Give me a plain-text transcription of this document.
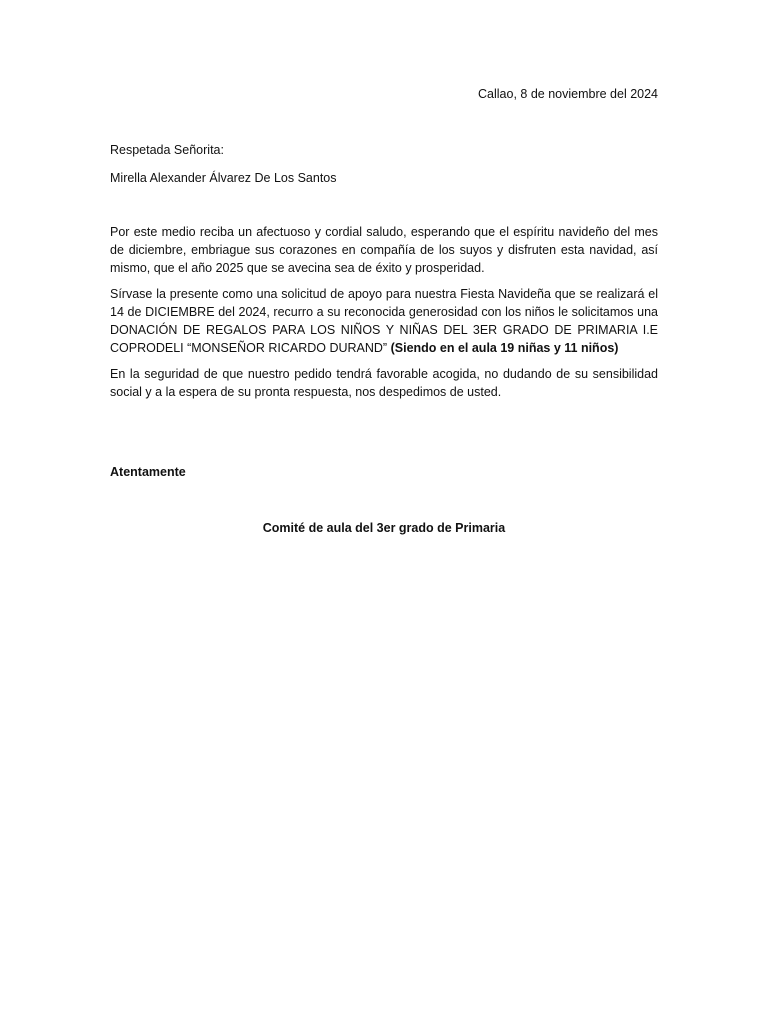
Callao, 8 de noviembre del 2024

Respetada Señorita:

Mirella Alexander Álvarez De Los Santos

Por este medio reciba un afectuoso y cordial saludo, esperando que el espíritu navideño del mes de diciembre, embriague sus corazones en compañía de los suyos y disfruten esta navidad, así mismo, que el año 2025 que se avecina sea de éxito y prosperidad.

Sírvase la presente como una solicitud de apoyo para nuestra Fiesta Navideña que se realizará el 14 de DICIEMBRE del 2024, recurro a su reconocida generosidad con los niños le solicitamos una DONACIÓN DE REGALOS PARA LOS NIÑOS Y NIÑAS DEL 3ER GRADO DE PRIMARIA I.E COPRODELI “MONSEÑOR RICARDO DURAND” (Siendo en el aula 19 niñas y 11 niños)

En la seguridad de que nuestro pedido tendrá favorable acogida, no dudando de su sensibilidad social y a la espera de su pronta respuesta, nos despedimos de usted.

Atentamente

Comité de aula del 3er grado de Primaria
